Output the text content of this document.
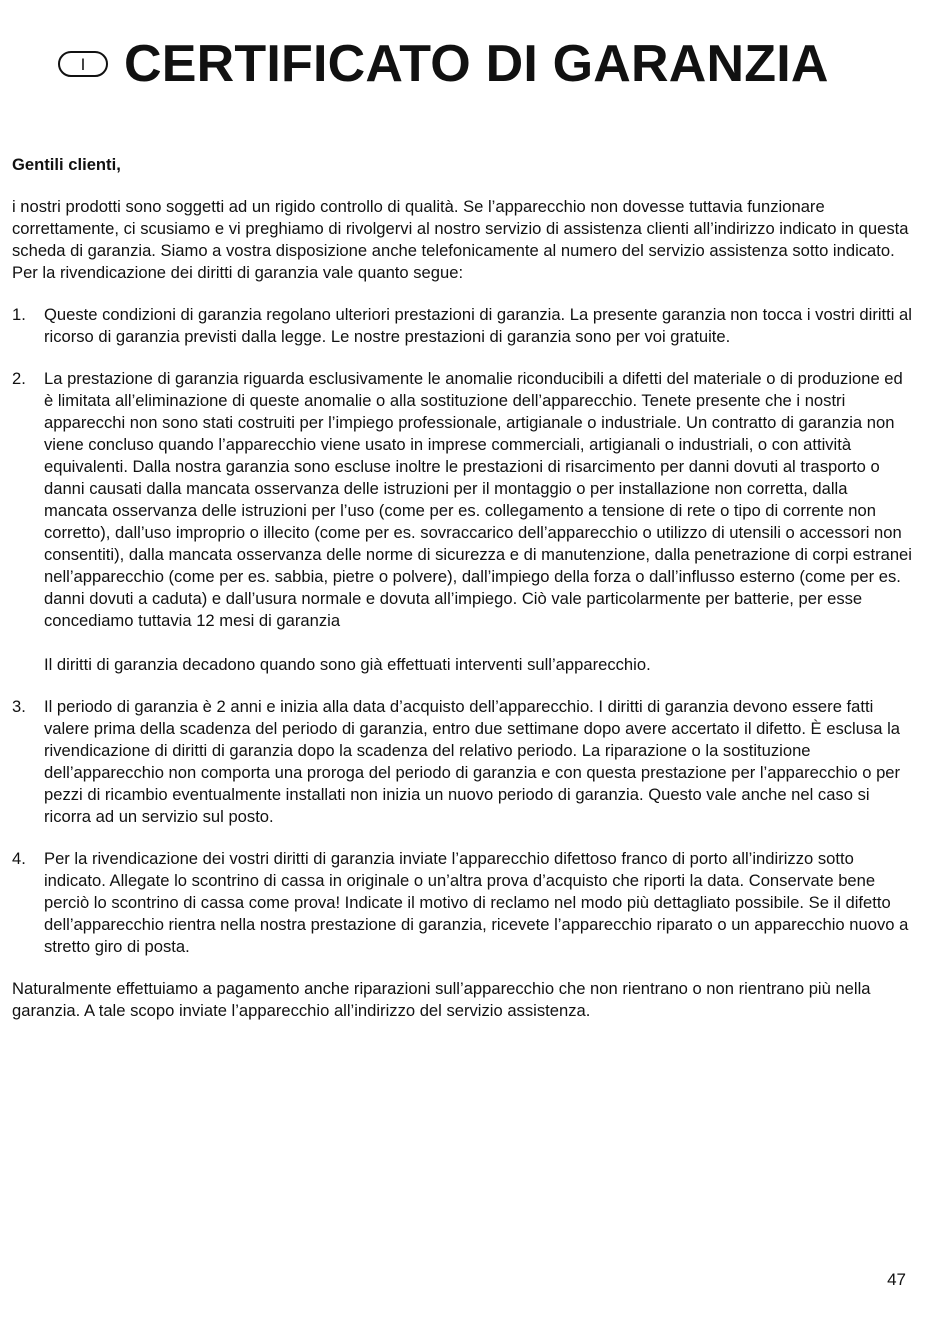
I CERTIFICATO DI GARANZIA

Gentili clienti,

i nostri prodotti sono soggetti ad un rigido controllo di qualità. Se l’apparecchio non dovesse tuttavia funzionare correttamente, ci scusiamo e vi preghiamo di rivolgervi al nostro servizio di assistenza clienti all’indirizzo indicato in questa scheda di garanzia. Siamo a vostra disposizione anche telefonicamente al numero del servizio assistenza sotto indicato. Per la rivendicazione dei diritti di garanzia vale quanto segue:

1.	Queste condizioni di garanzia regolano ulteriori prestazioni di garanzia. La presente garanzia non tocca i vostri diritti al ricorso di garanzia previsti dalla legge. Le nostre prestazioni di garanzia sono per voi gratuite.

2.	La prestazione di garanzia riguarda esclusivamente le anomalie riconducibili a difetti del materiale o di produzione ed è limitata all’eliminazione di queste anomalie o alla sostituzione dell’apparecchio. Tenete presente che i nostri apparecchi non sono stati costruiti per l’impiego professionale, artigianale o industriale. Un contratto di garanzia non viene concluso quando l’apparecchio viene usato in imprese commerciali, artigianali o industriali, o con attività equivalenti. Dalla nostra garanzia sono escluse inoltre le prestazioni di risarcimento per danni dovuti al trasporto o danni causati dalla mancata osservanza delle istruzioni per il montaggio o per installazione non corretta, dalla mancata osservanza delle istruzioni per l’uso (come per es. collegamento a tensione di rete o tipo di corrente non corretto), dall’uso improprio o illecito (come per es. sovraccarico dell’apparecchio o utilizzo di utensili o accessori non consentiti), dalla mancata osservanza delle norme di sicurezza e di manutenzione, dalla penetrazione di corpi estranei nell’apparecchio (come per es. sabbia, pietre o polvere), dall’impiego della forza o dall’influsso esterno (come per es. danni dovuti a caduta) e dall’usura normale e dovuta all’impiego. Ciò vale particolarmente per batterie, per esse concediamo tuttavia 12 mesi di garanzia

Il diritti di garanzia decadono quando sono già effettuati interventi sull’apparecchio.

3.	Il periodo di garanzia è 2 anni e inizia alla data d’acquisto dell’apparecchio. I diritti di garanzia devono essere fatti valere prima della scadenza del periodo di garanzia, entro due settimane dopo avere accertato il difetto. È esclusa la rivendicazione di diritti di garanzia dopo la scadenza del relativo periodo. La riparazione o la sostituzione dell’apparecchio non comporta una proroga del periodo di garanzia e con questa prestazione per l’apparecchio o per pezzi di ricambio eventualmente installati non inizia un nuovo periodo di garanzia. Questo vale anche nel caso si ricorra ad un servizio sul posto.

4.	Per la rivendicazione dei vostri diritti di garanzia inviate l’apparecchio difettoso franco di porto all’indirizzo sotto indicato. Allegate lo scontrino di cassa in originale o un’altra prova d’acquisto che riporti la data. Conservate bene perciò lo scontrino di cassa come prova! Indicate il motivo di reclamo nel modo più dettagliato possibile. Se il difetto dell’apparecchio rientra nella nostra prestazione di garanzia, ricevete l’apparecchio riparato o un apparecchio nuovo a stretto giro di posta.

Naturalmente effettuiamo a pagamento anche riparazioni sull’apparecchio che non rientrano o non rientrano più nella garanzia. A tale scopo inviate l’apparecchio all’indirizzo del servizio assistenza.

47
